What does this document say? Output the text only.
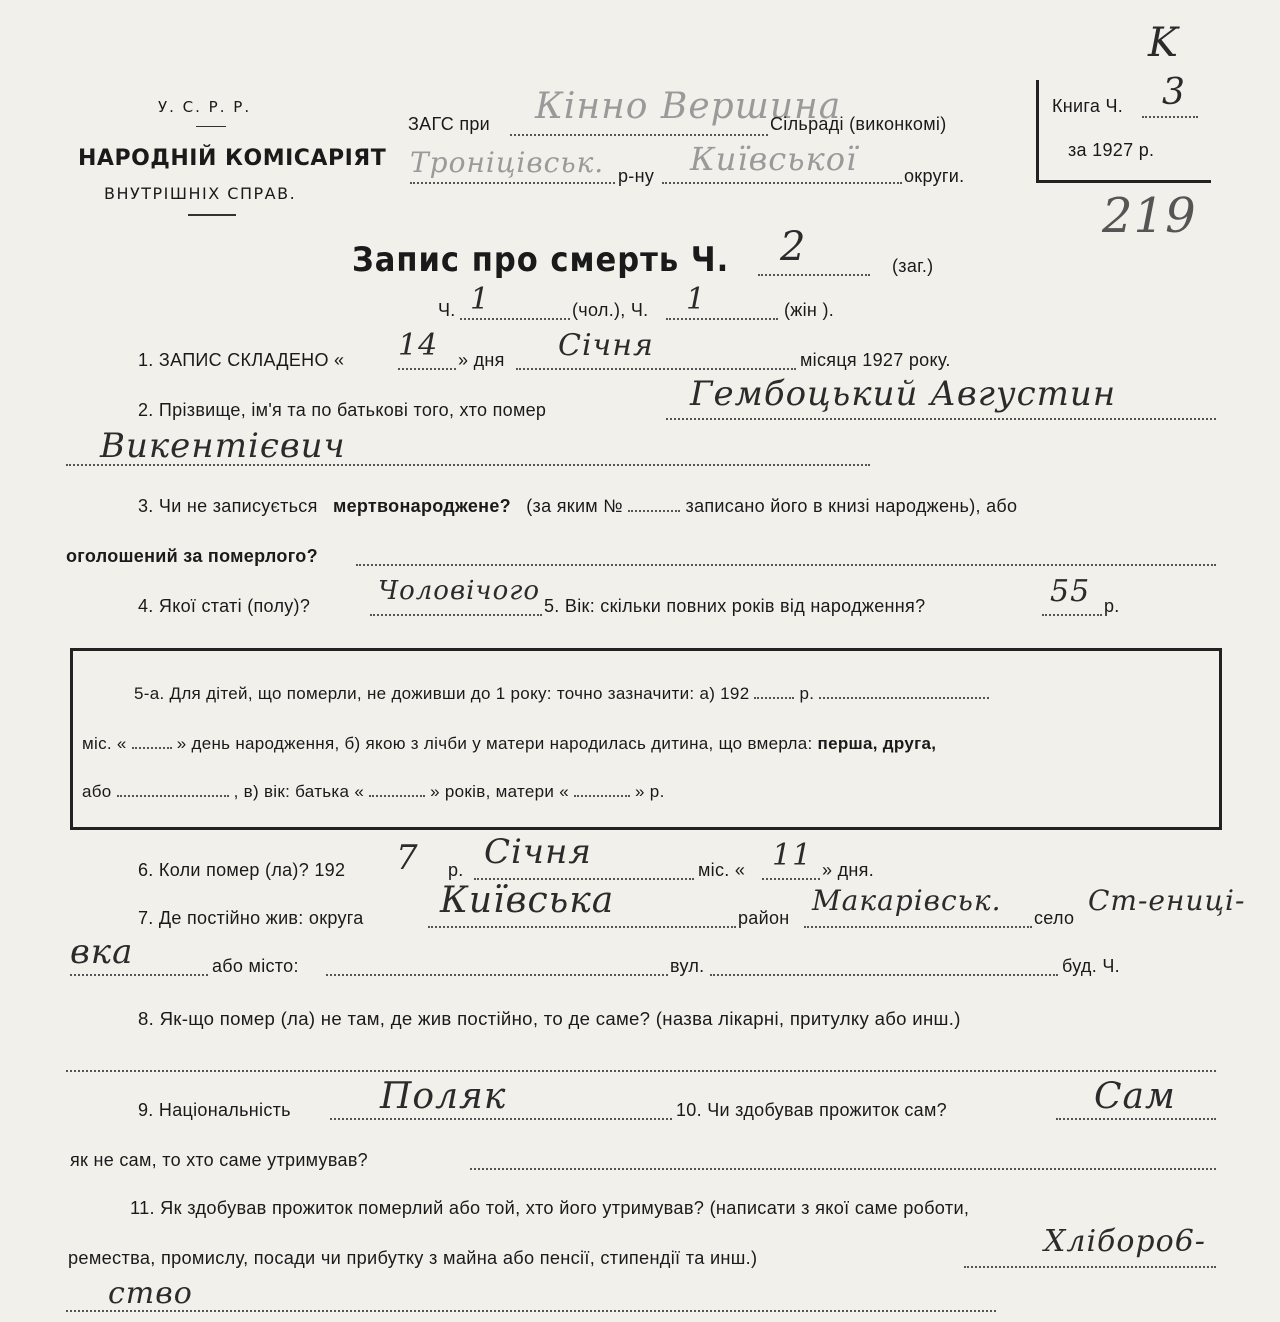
У. С. Р. Р.
НАРОДНІЙ КОМІСАРІЯТ
ВНУТРІШНІХ СПРАВ.
ЗАГС при Кінно Вершина
Сільраді (виконкомі)
Троніцівськ. р-ну Київської	округи.
Книга Ч. 3
за 1927 р.
K
219
Запис про смерть Ч. 2	(заг.)
Ч. 1	(чол.), Ч. 1	(жін ).
1. ЗАПИС СКЛАДЕНО « 14 » дня Січня	місяця 1927 року.
2. Прізвище, ім'я та по батькові того, хто помер	Гембоцький Августин
Викентієвич
3. Чи не записується мертвонароджене? (за яким №	записано його в книзі народжень), або
оголошений за померлого?
4. Якої статі (полу)?	Чоловічого 5. Вік: скільки повних років від народження?	55 р.
5-а. Для дітей, що померли, не доживши до 1 року: точно зазначити: а) 192	р.
міс. «	» день народження, б) якою з лічби у матери народилась дитина, що вмерла: перша, друга,
або	, в) вік: батька «	» років, матери «	» р.
6. Коли помер (ла)? 192 7 р. Січня	міс. « 11 » дня.
7. Де постійно жив: округа Київська	район
Макарівськ.
село
Ст-ениці-
вка	або місто:	вул.	буд. Ч.
8. Як-що помер (ла) не там, де жив постійно, то де саме? (назва лікарні, притулку або инш.)
9. Національність Поляк	10. Чи здобував прожиток сам?	Сам
як не сам, то хто саме утримував?
11. Як здобував прожиток померлий або той, хто його утримував? (написати з якої саме роботи,
ремества, промислу, посади чи прибутку з майна або пенсії, стипендії та инш.)	Хліборо6-
ство
